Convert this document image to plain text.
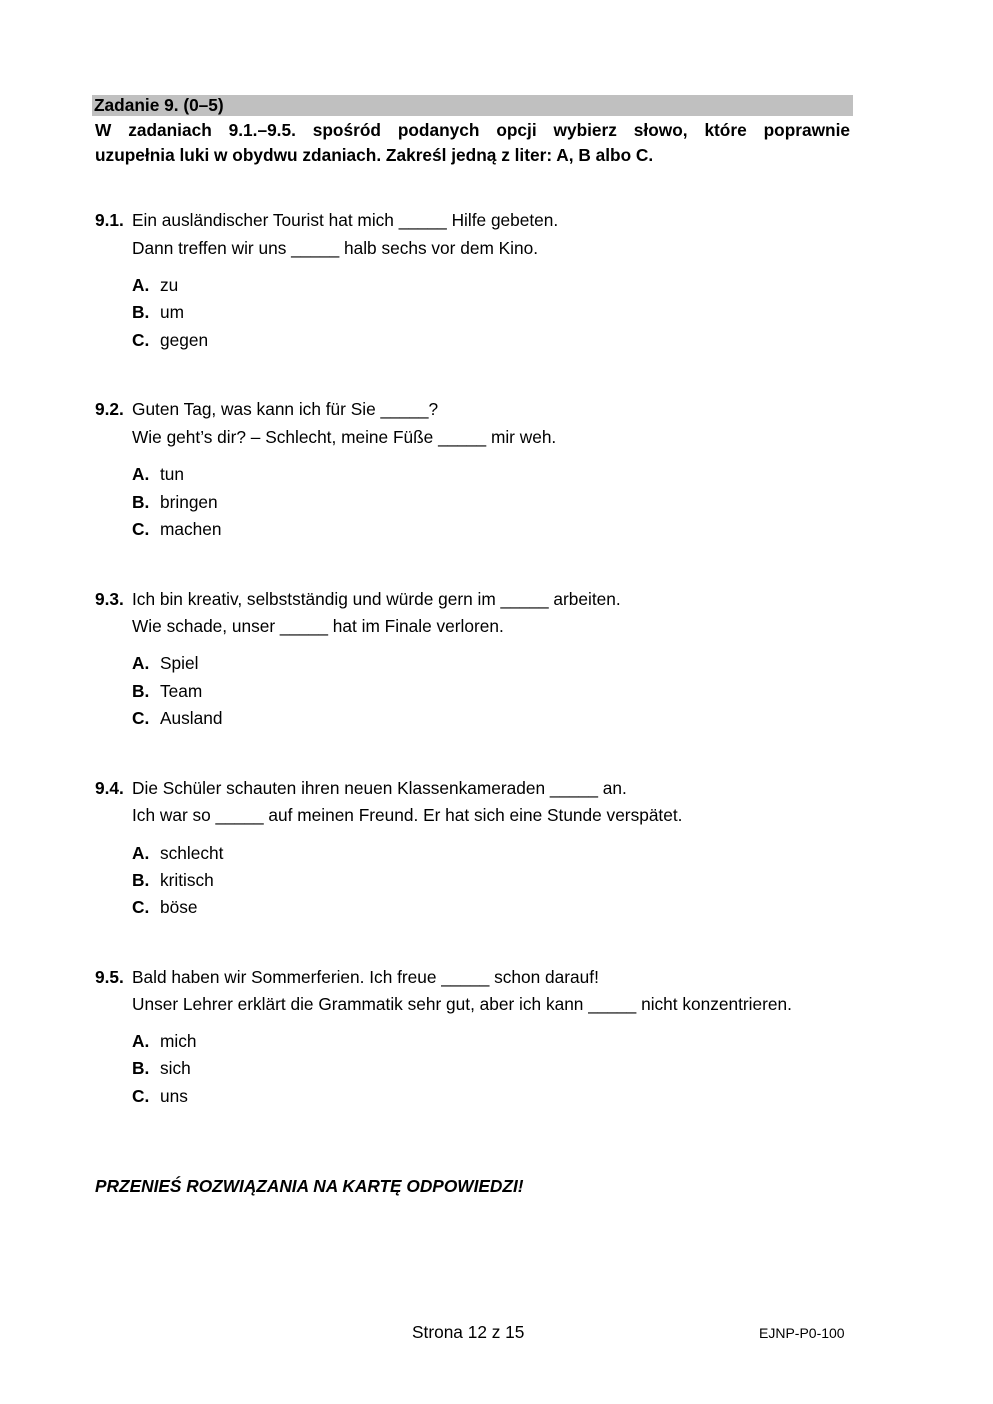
Zadanie 9. (0–5)
W zadaniach 9.1.–9.5. spośród podanych opcji wybierz słowo, które poprawnie
uzupełnia luki w obydwu zdaniach. Zakreśl jedną z liter: A, B albo C.
9.1. Ein ausländischer Tourist hat mich _____ Hilfe gebeten.
Dann treffen wir uns _____ halb sechs vor dem Kino.
A. zu
B. um
C. gegen
9.2. Guten Tag, was kann ich für Sie _____?
Wie geht’s dir? – Schlecht, meine Füße _____ mir weh.
A. tun
B. bringen
C. machen
9.3. Ich bin kreativ, selbstständig und würde gern im _____ arbeiten.
Wie schade, unser _____ hat im Finale verloren.
A. Spiel
B. Team
C. Ausland
9.4. Die Schüler schauten ihren neuen Klassenkameraden _____ an.
Ich war so _____ auf meinen Freund. Er hat sich eine Stunde verspätet.
A. schlecht
B. kritisch
C. böse
9.5. Bald haben wir Sommerferien. Ich freue _____ schon darauf!
Unser Lehrer erklärt die Grammatik sehr gut, aber ich kann _____ nicht konzentrieren.
A. mich
B. sich
C. uns
PRZENIEŚ ROZWIĄZANIA NA KARTĘ ODPOWIEDZI!
Strona 12 z 15	EJNP-P0-100
